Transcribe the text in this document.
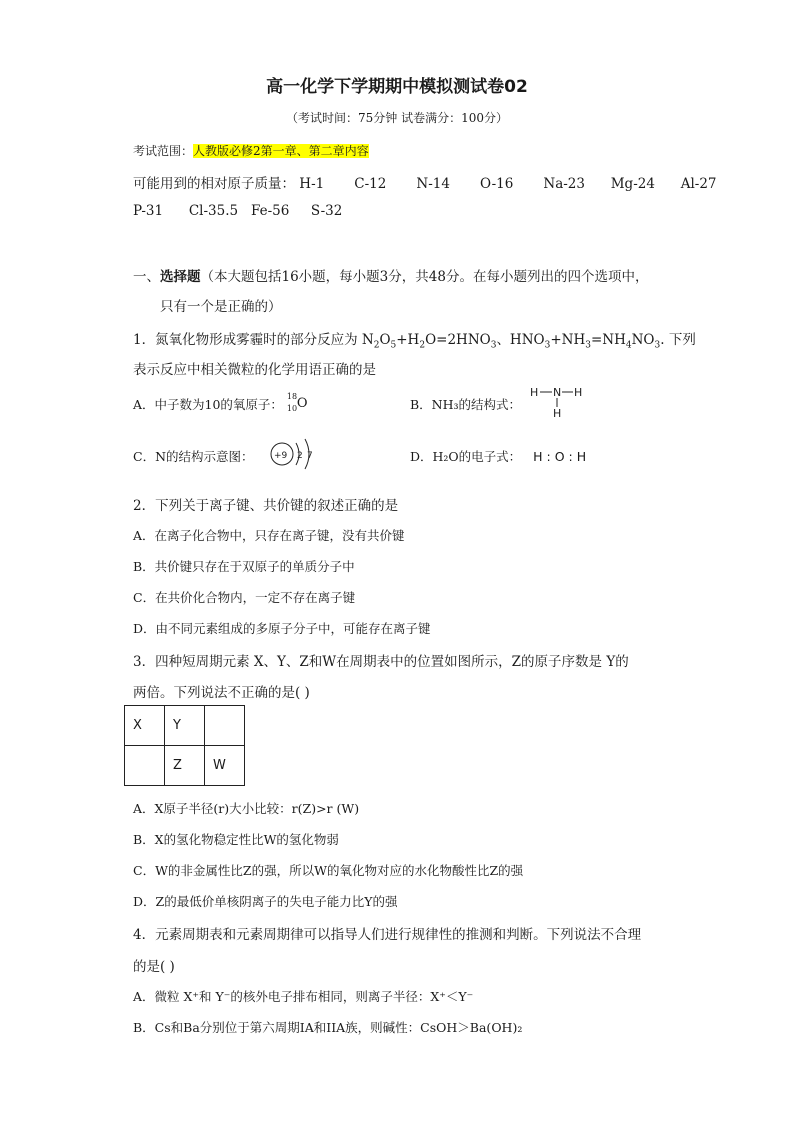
高一化学下学期期中模拟测试卷02
（考试时间：75分钟 试卷满分：100分）
考试范围：人教版必修2第一章、第二章内容
可能用到的相对原子质量： H-1 C-12 N-14 O-16 Na-23 Mg-24 Al-27
P-31 Cl-35.5 Fe-56 S-32
一、选择题（本大题包括16小题，每小题3分，共48分。在每小题列出的四个选项中，
只有一个是正确的）
1．氮氧化物形成雾霾时的部分反应为 $N_2O_5+H_2O=2HNO_3$、$HNO_3+NH_3=NH_4NO_3$. 下列
表示反应中相关微粒的化学用语正确的是
A．中子数为10的氧原子：
18
10 O	B．NH₃的结构式：
H N H
H
C．N的结构示意图： +9 2 7	D．H₂O的电子式： H : O : H
2．下列关于离子键、共价键的叙述正确的是
A．在离子化合物中，只存在离子键，没有共价键
B．共价键只存在于双原子的单质分子中
C．在共价化合物内，一定不存在离子键
D．由不同元素组成的多原子分子中，可能存在离子键
3．四种短周期元素 X、Y、Z和W在周期表中的位置如图所示，Z的原子序数是 Y的
两倍。下列说法不正确的是( )
X	Y	
	Z	W
A．X原子半径(r)大小比较：r(Z)>r (W)
B．X的氢化物稳定性比W的氢化物弱
C．W的非金属性比Z的强，所以W的氧化物对应的水化物酸性比Z的强
D．Z的最低价单核阴离子的失电子能力比Y的强
4．元素周期表和元素周期律可以指导人们进行规律性的推测和判断。下列说法不合理
的是( )
A．微粒 X⁺和 Y⁻的核外电子排布相同，则离子半径：X⁺＜Y⁻
B．Cs和Ba分别位于第六周期IA和IIA族，则碱性：CsOH＞Ba(OH)₂
